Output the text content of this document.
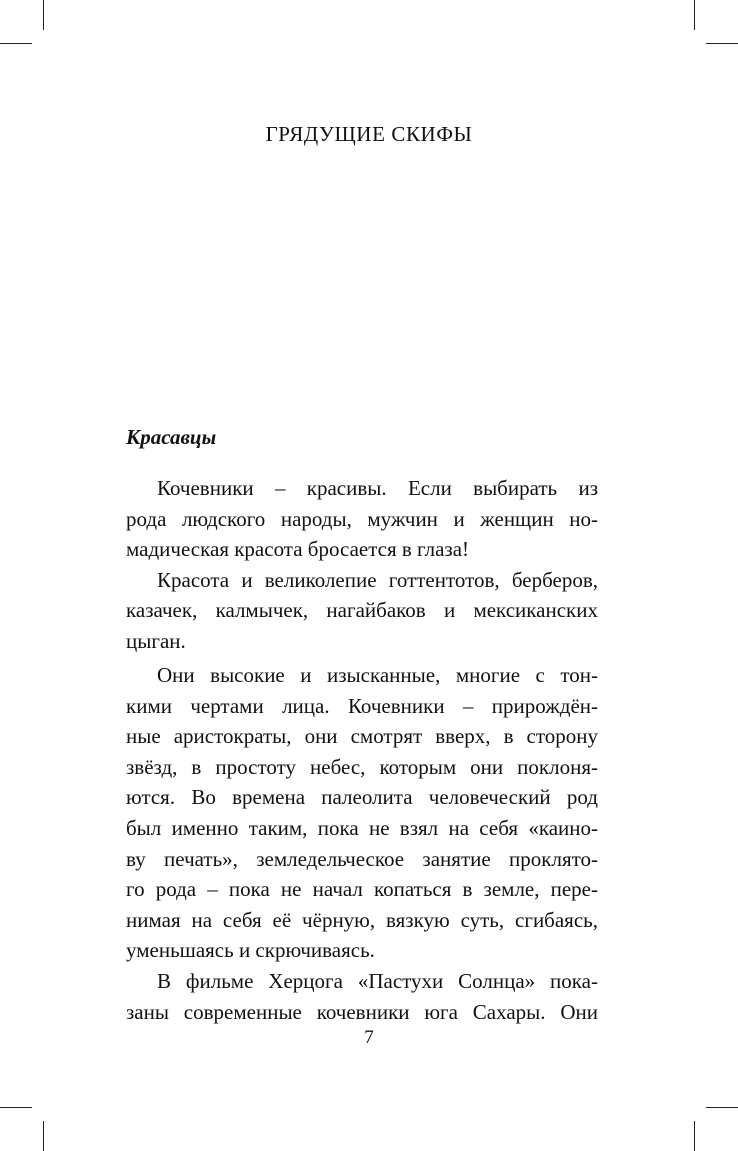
ГРЯДУЩИЕ СКИФЫ
Красавцы
Кочевники – красивы. Если выбирать из
рода людского народы, мужчин и женщин но-
мадическая красота бросается в глаза!
Красота и великолепие готтентотов, берберов,
казачек, калмычек, нагайбаков и мексиканских
цыган.
Они высокие и изысканные, многие с тон-
кими чертами лица. Кочевники – прирождён-
ные аристократы, они смотрят вверх, в сторону
звёзд, в простоту небес, которым они поклоня-
ются. Во времена палеолита человеческий род
был именно таким, пока не взял на себя «каино-
ву печать», земледельческое занятие проклято-
го рода – пока не начал копаться в земле, пере-
нимая на себя её чёрную, вязкую суть, сгибаясь,
уменьшаясь и скрючиваясь.
В фильме Херцога «Пастухи Солнца» пока-
заны современные кочевники юга Сахары. Они
7
